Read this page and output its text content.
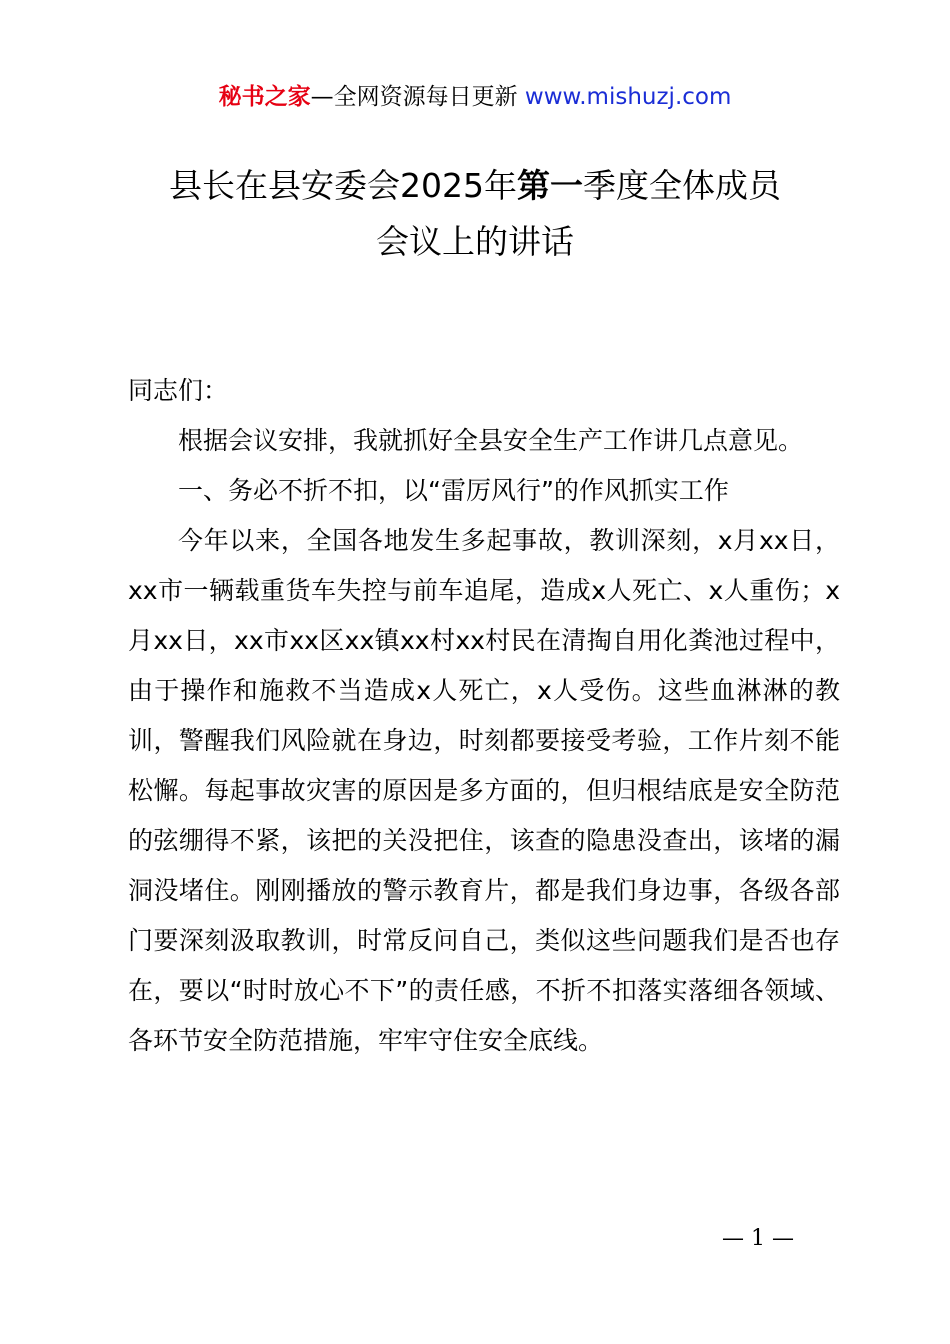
秘书之家—全网资源每日更新 www.mishuzj.com
县长在县安委会2025年第一季度全体成员
会议上的讲话

同志们：

根据会议安排，我就抓好全县安全生产工作讲几点意见。

一、务必不折不扣，以“雷厉风行”的作风抓实工作

今年以来，全国各地发生多起事故，教训深刻，x月xx日，xx市一辆载重货车失控与前车追尾，造成x人死亡、x人重伤；x月xx日，xx市xx区xx镇xx村xx村民在清掏自用化粪池过程中，由于操作和施救不当造成x人死亡，x人受伤。这些血淋淋的教训，警醒我们风险就在身边，时刻都要接受考验，工作片刻不能松懈。每起事故灾害的原因是多方面的，但归根结底是安全防范的弦绷得不紧，该把的关没把住，该查的隐患没查出，该堵的漏洞没堵住。刚刚播放的警示教育片，都是我们身边事，各级各部门要深刻汲取教训，时常反问自己，类似这些问题我们是否也存在，要以“时时放心不下”的责任感，不折不扣落实落细各领域、各环节安全防范措施，牢牢守住安全底线。

— 1 —
